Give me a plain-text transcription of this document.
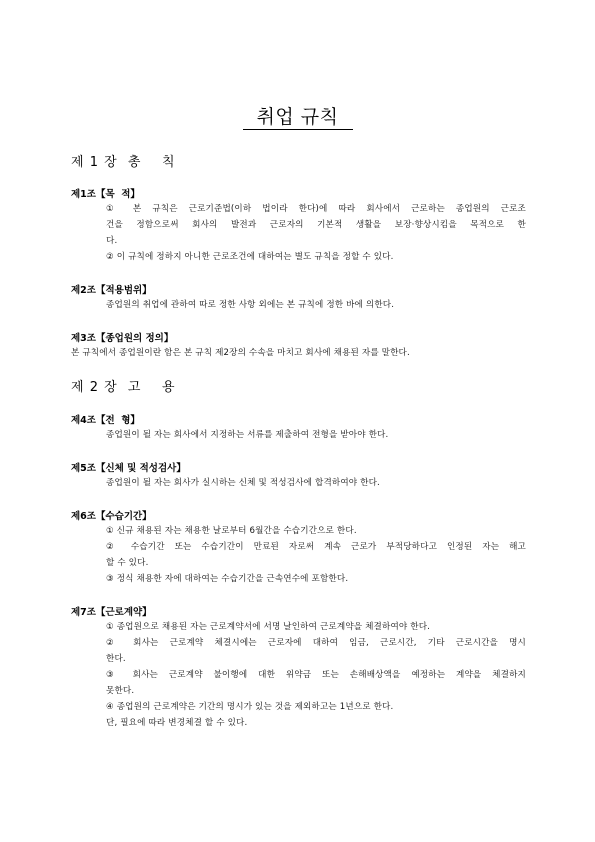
취업 규칙
제 1 장  총    칙
제1조【목  적】
① 본 규칙은 근로기준법(이하 법이라 한다)에 따라 회사에서 근로하는 종업원의 근로조
건을 정함으로써 회사의 발전과 근로자의 기본적 생활을 보장·향상시킴을 목적으로 한
다.
② 이 규칙에 정하지 아니한 근로조건에 대하여는 별도 규칙을 정할 수 있다.
제2조【적용범위】
종업원의 취업에 관하여 따로 정한 사항 외에는 본 규칙에 정한 바에 의한다.
제3조【종업원의 정의】
본 규칙에서 종업원이란 함은 본 규칙 제2장의 수속을 마치고 회사에 채용된 자를 말한다.
제 2 장  고    용
제4조【전  형】
종업원이 될 자는 회사에서 지정하는 서류를 제출하여 전형을 받아야 한다.
제5조【신체 및 적성검사】
종업원이 될 자는 회사가 실시하는 신체 및 적성검사에 합격하여야 한다.
제6조【수습기간】
① 신규 채용된 자는 채용한 날로부터 6월간을 수습기간으로 한다.
② 수습기간 또는 수습기간이 만료된 자로써 계속 근로가 부적당하다고 인정된 자는 해고
할 수 있다.
③ 정식 채용한 자에 대하여는 수습기간을 근속연수에 포함한다.
제7조【근로계약】
① 종업원으로 채용된 자는 근로계약서에 서명 날인하여 근로계약을 체결하여야 한다.
② 회사는 근로계약 체결시에는 근로자에 대하여 임금, 근로시간, 기타 근로시간을 명시
한다.
③ 회사는 근로계약 불이행에 대한 위약금 또는 손해배상액을 예정하는 계약을 체결하지
못한다.
④ 종업원의 근로계약은 기간의 명시가 있는 것을 제외하고는 1년으로 한다.
단, 필요에 따라 변경체결 할 수 있다.
